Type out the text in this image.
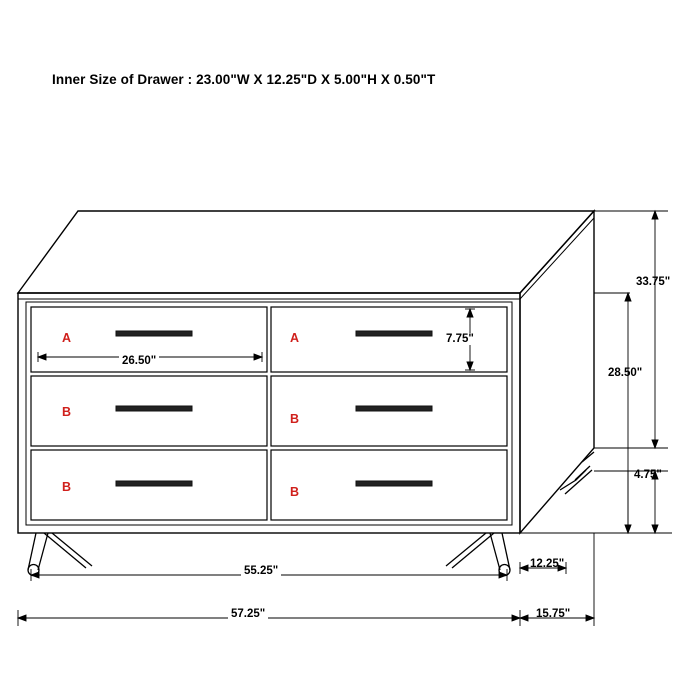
Inner Size of Drawer : 23.00"W X 12.25"D X 5.00"H X 0.50"T
A	A
B	B
B	B
26.50"
7.75"
33.75"
28.50"
4.75"
55.25"
57.25"
12.25"
15.75"
